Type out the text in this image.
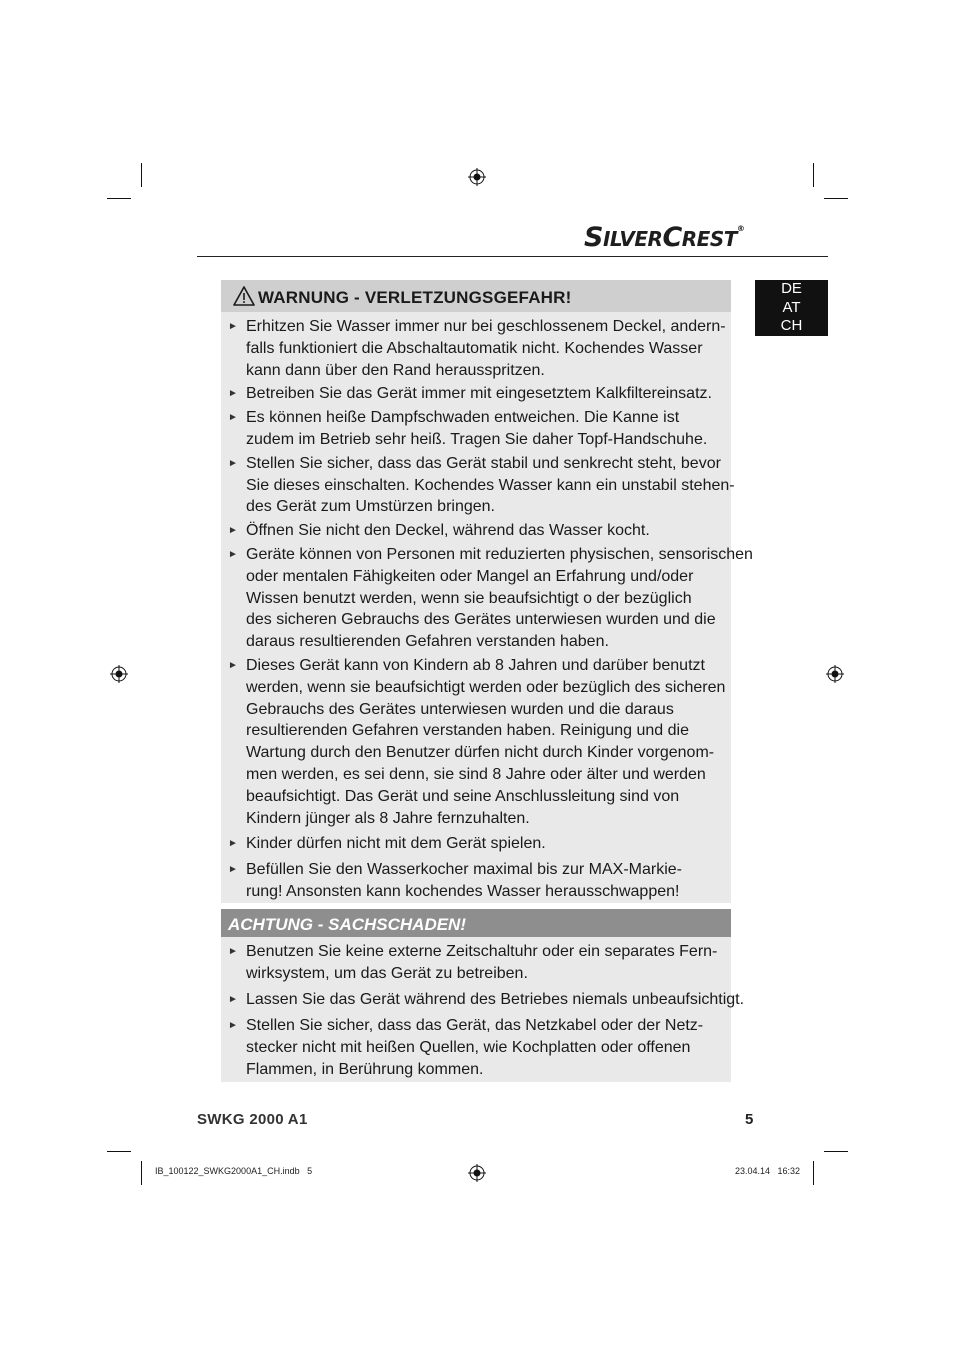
SILVERCREST®
DE
AT
CH
WARNUNG - VERLETZUNGSGEFAHR!
► Erhitzen Sie Wasser immer nur bei geschlossenem Deckel, andern-
falls funktioniert die Abschaltautomatik nicht. Kochendes Wasser
kann dann über den Rand herausspritzen.
► Betreiben Sie das Gerät immer mit eingesetztem Kalkfiltereinsatz.
► Es können heiße Dampfschwaden entweichen. Die Kanne ist
zudem im Betrieb sehr heiß. Tragen Sie daher Topf-Handschuhe.
► Stellen Sie sicher, dass das Gerät stabil und senkrecht steht, bevor
Sie dieses einschalten. Kochendes Wasser kann ein unstabil stehen-
des Gerät zum Umstürzen bringen.
► Öffnen Sie nicht den Deckel, während das Wasser kocht.
► Geräte können von Personen mit reduzierten physischen, sensorischen
oder mentalen Fähigkeiten oder Mangel an Erfahrung und/oder
Wissen benutzt werden, wenn sie beaufsichtigt o der bezüglich
des sicheren Gebrauchs des Gerätes unterwiesen wurden und die
daraus resultierenden Gefahren verstanden haben.
► Dieses Gerät kann von Kindern ab 8 Jahren und darüber benutzt
werden, wenn sie beaufsichtigt werden oder bezüglich des sicheren
Gebrauchs des Gerätes unterwiesen wurden und die daraus
resultierenden Gefahren verstanden haben. Reinigung und die
Wartung durch den Benutzer dürfen nicht durch Kinder vorgenom-
men werden, es sei denn, sie sind 8 Jahre oder älter und werden
beaufsichtigt. Das Gerät und seine Anschlussleitung sind von
Kindern jünger als 8 Jahre fernzuhalten.
► Kinder dürfen nicht mit dem Gerät spielen.
► Befüllen Sie den Wasserkocher maximal bis zur MAX-Markie-
rung! Ansonsten kann kochendes Wasser herausschwappen!
ACHTUNG - SACHSCHADEN!
► Benutzen Sie keine externe Zeitschaltuhr oder ein separates Fern-
wirksystem, um das Gerät zu betreiben.
► Lassen Sie das Gerät während des Betriebes niemals unbeaufsichtigt.
► Stellen Sie sicher, dass das Gerät, das Netzkabel oder der Netz-
stecker nicht mit heißen Quellen, wie Kochplatten oder offenen
Flammen, in Berührung kommen.
SWKG 2000 A1	5
IB_100122_SWKG2000A1_CH.indb   5	23.04.14   16:32
